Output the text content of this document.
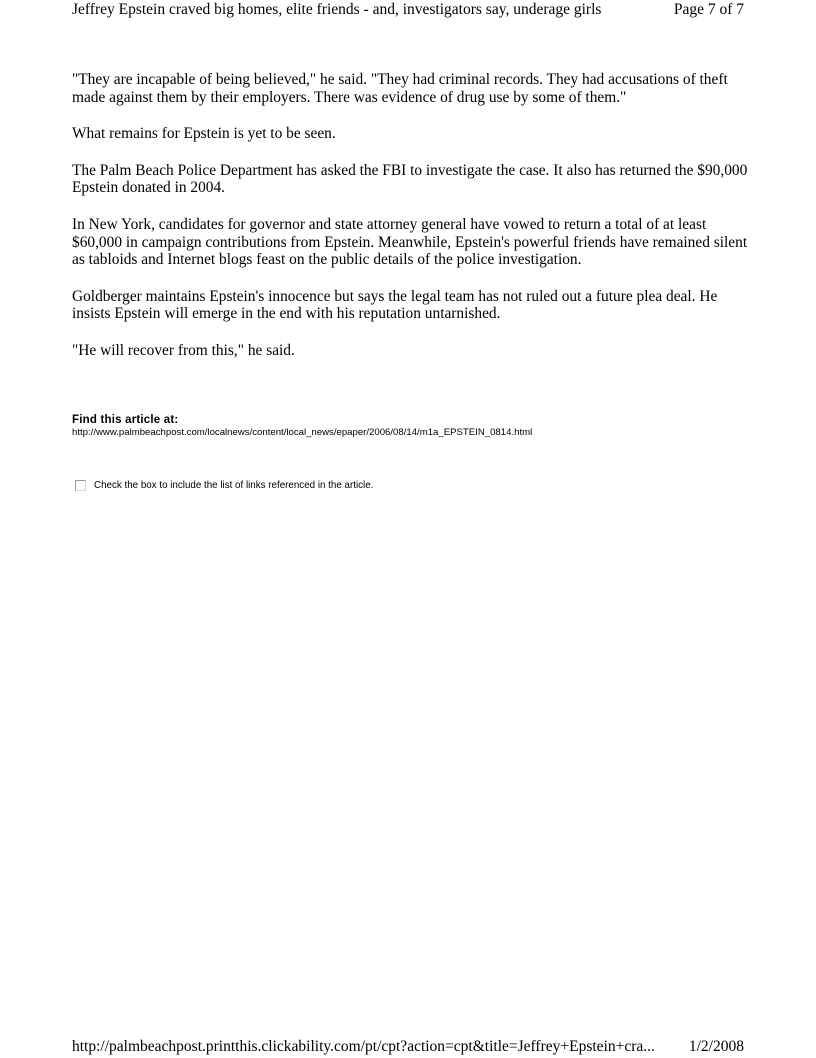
Jeffrey Epstein craved big homes, elite friends - and, investigators say, underage girls	Page 7 of 7

"They are incapable of being believed," he said. "They had criminal records. They had accusations of theft made against them by their employers. There was evidence of drug use by some of them."

What remains for Epstein is yet to be seen.

The Palm Beach Police Department has asked the FBI to investigate the case. It also has returned the $90,000 Epstein donated in 2004.

In New York, candidates for governor and state attorney general have vowed to return a total of at least $60,000 in campaign contributions from Epstein. Meanwhile, Epstein's powerful friends have remained silent as tabloids and Internet blogs feast on the public details of the police investigation.

Goldberger maintains Epstein's innocence but says the legal team has not ruled out a future plea deal. He insists Epstein will emerge in the end with his reputation untarnished.

"He will recover from this," he said.

Find this article at:
http://www.palmbeachpost.com/localnews/content/local_news/epaper/2006/08/14/m1a_EPSTEIN_0814.html
Check the box to include the list of links referenced in the article.
http://palmbeachpost.printthis.clickability.com/pt/cpt?action=cpt&title=Jeffrey+Epstein+cra... 1/2/2008
